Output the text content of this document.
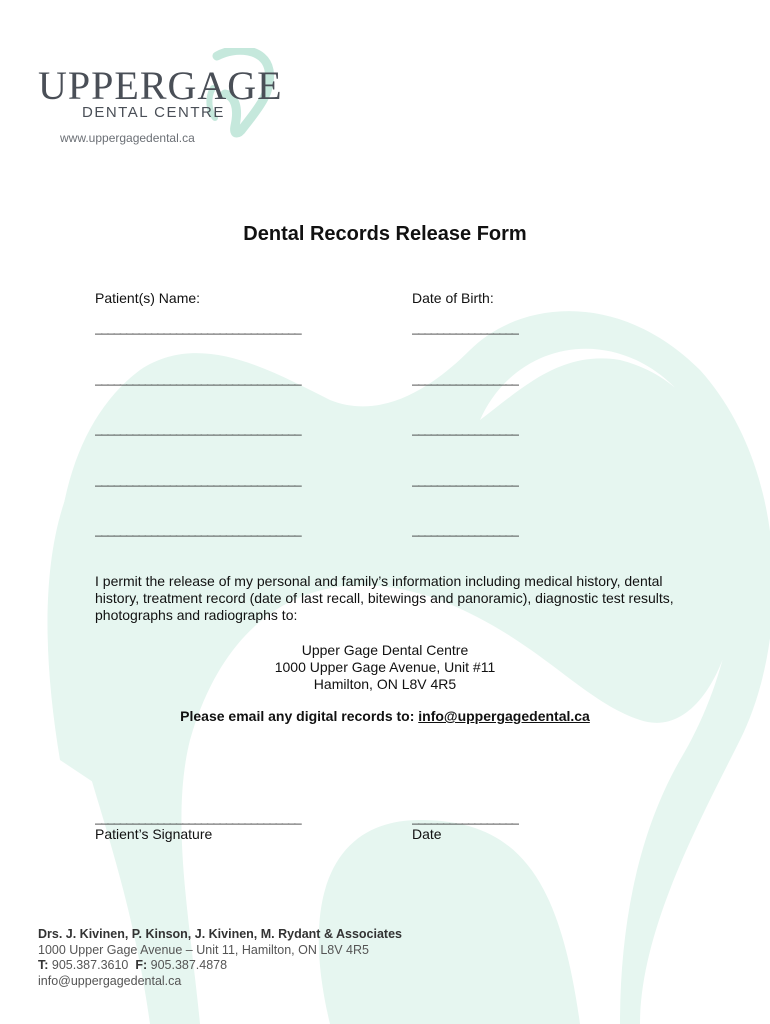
UPPERGAGE
DENTAL CENTRE
www.uppergagedental.ca
Dental Records Release Form
Patient(s) Name:	Date of Birth:
_________________________________	_________________
_________________________________	_________________
_________________________________	_________________
_________________________________	_________________
_________________________________	_________________
I permit the release of my personal and family’s information including medical history, dental history, treatment record (date of last recall, bitewings and panoramic), diagnostic test results, photographs and radiographs to:
Upper Gage Dental Centre
1000 Upper Gage Avenue, Unit #11
Hamilton, ON L8V 4R5
Please email any digital records to: info@uppergagedental.ca
_________________________________	_________________
Patient’s Signature	Date
Drs. J. Kivinen, P. Kinson, J. Kivinen, M. Rydant & Associates
1000 Upper Gage Avenue – Unit 11, Hamilton, ON L8V 4R5
T: 905.387.3610 F: 905.387.4878
info@uppergagedental.ca
